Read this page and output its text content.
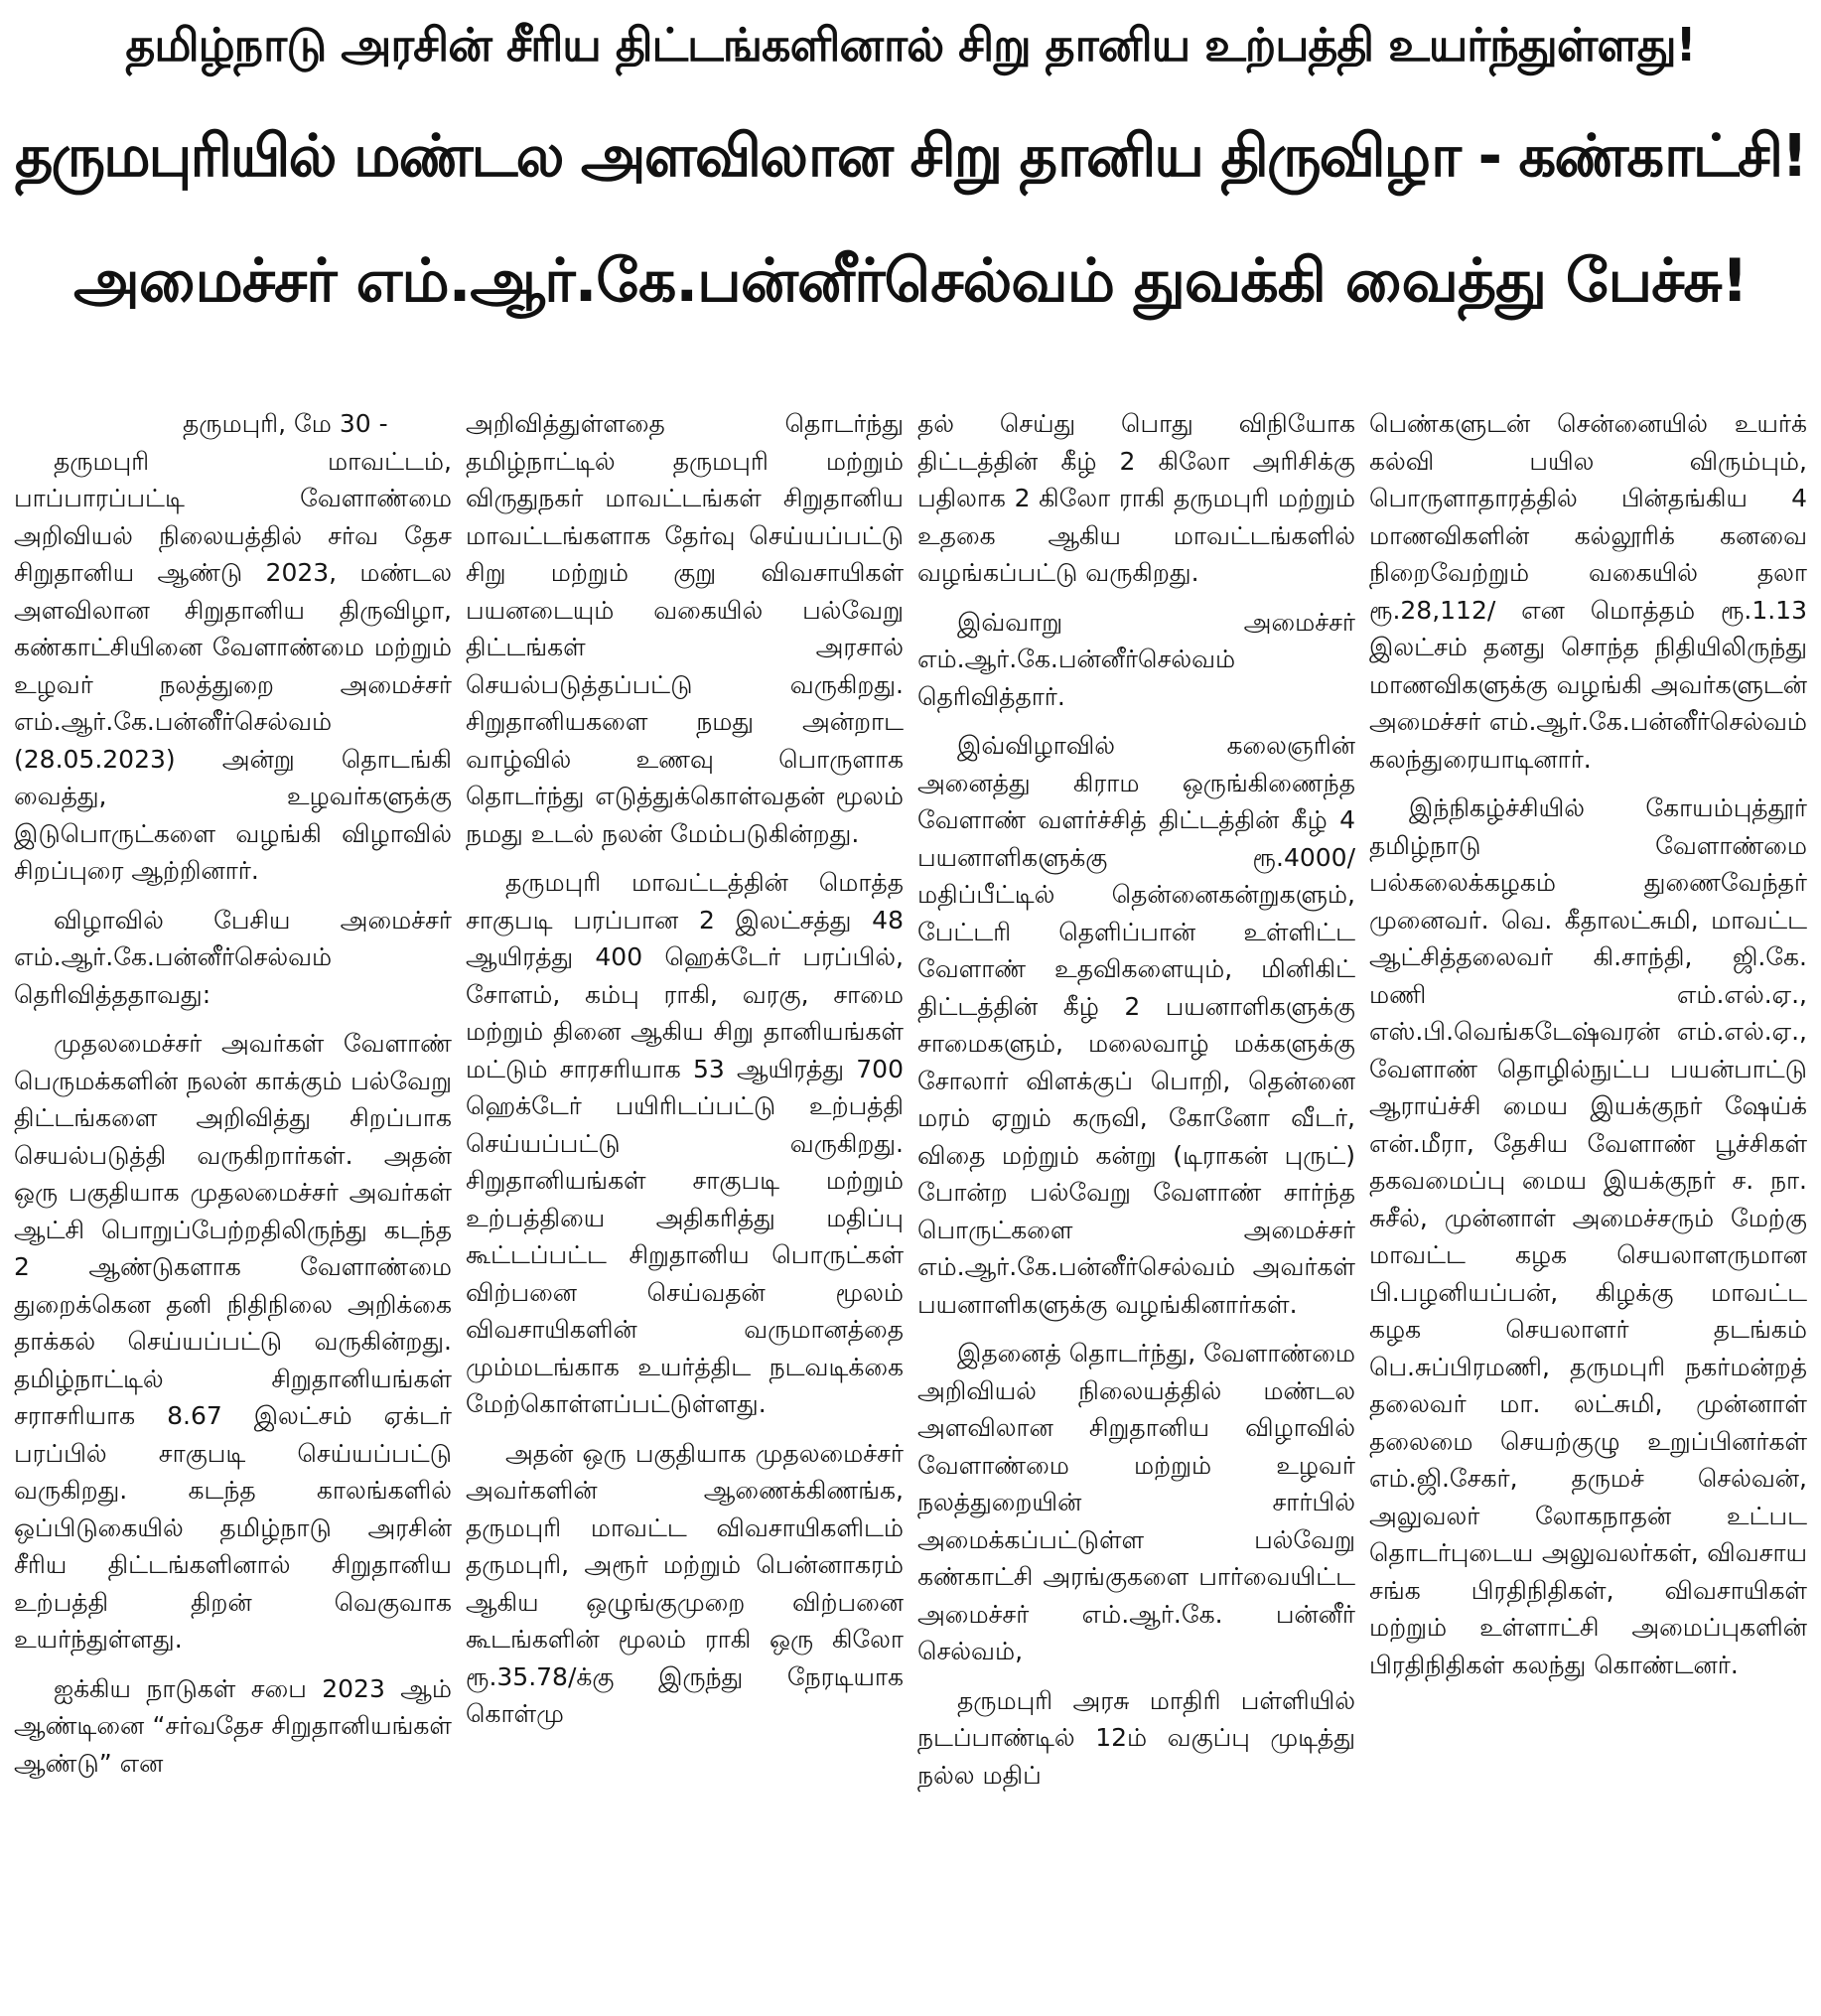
தமிழ்நாடு அரசின் சீரிய திட்டங்களினால் சிறு தானிய உற்பத்தி உயர்ந்துள்ளது!
தருமபுரியில் மண்டல அளவிலான சிறு தானிய திருவிழா - கண்காட்சி!
அமைச்சர் எம்.ஆர்.கே.பன்னீர்செல்வம் துவக்கி வைத்து பேச்சு!

தருமபுரி, மே 30 -

தருமபுரி மாவட்டம், பாப்பாரப்பட்டி வேளாண்மை அறிவியல் நிலையத்தில் சர்வ தேச சிறுதானிய ஆண்டு 2023, மண்டல அளவிலான சிறுதானிய திருவிழா, கண்காட்சியினை வேளாண்மை மற்றும் உழவர் நலத்துறை அமைச்சர் எம்.ஆர்.கே.பன்னீர்செல்வம் (28.05.2023) அன்று தொடங்கி வைத்து, உழவர்களுக்கு இடுபொருட்களை வழங்கி விழாவில் சிறப்புரை ஆற்றினார்.

விழாவில் பேசிய அமைச்சர் எம்.ஆர்.கே.பன்னீர்செல்வம் தெரிவித்ததாவது:

முதலமைச்சர் அவர்கள் வேளாண் பெருமக்களின் நலன் காக்கும் பல்வேறு திட்டங்களை அறிவித்து சிறப்பாக செயல்படுத்தி வருகிறார்கள். அதன் ஒரு பகுதியாக முதலமைச்சர் அவர்கள் ஆட்சி பொறுப்பேற்றதிலிருந்து கடந்த 2 ஆண்டுகளாக வேளாண்மை துறைக்கென தனி நிதிநிலை அறிக்கை தாக்கல் செய்யப்பட்டு வருகின்றது. தமிழ்நாட்டில் சிறுதானியங்கள் சராசரியாக 8.67 இலட்சம் ஏக்டர் பரப்பில் சாகுபடி செய்யப்பட்டு வருகிறது. கடந்த காலங்களில் ஒப்பிடுகையில் தமிழ்நாடு அரசின் சீரிய திட்டங்களினால் சிறுதானிய உற்பத்தி திறன் வெகுவாக உயர்ந்துள்ளது.

ஐக்கிய நாடுகள் சபை 2023 ஆம் ஆண்டினை “சர்வதேச சிறுதானியங்கள் ஆண்டு” என

அறிவித்துள்ளதை தொடர்ந்து தமிழ்நாட்டில் தருமபுரி மற்றும் விருதுநகர் மாவட்டங்கள் சிறுதானிய மாவட்டங்களாக தேர்வு செய்யப்பட்டு சிறு மற்றும் குறு விவசாயிகள் பயனடையும் வகையில் பல்வேறு திட்டங்கள் அரசால் செயல்படுத்தப்பட்டு வருகிறது. சிறுதானியகளை நமது அன்றாட வாழ்வில் உணவு பொருளாக தொடர்ந்து எடுத்துக்கொள்வதன் மூலம் நமது உடல் நலன் மேம்படுகின்றது.

தருமபுரி மாவட்டத்தின் மொத்த சாகுபடி பரப்பான 2 இலட்சத்து 48 ஆயிரத்து 400 ஹெக்டேர் பரப்பில், சோளம், கம்பு ராகி, வரகு, சாமை மற்றும் தினை ஆகிய சிறு தானியங்கள் மட்டும் சாரசரியாக 53 ஆயிரத்து 700 ஹெக்டேர் பயிரிடப்பட்டு உற்பத்தி செய்யப்பட்டு வருகிறது. சிறுதானியங்கள் சாகுபடி மற்றும் உற்பத்தியை அதிகரித்து மதிப்பு கூட்டப்பட்ட சிறுதானிய பொருட்கள் விற்பனை செய்வதன் மூலம் விவசாயிகளின் வருமானத்தை மும்மடங்காக உயர்த்திட நடவடிக்கை மேற்கொள்ளப்பட்டுள்ளது.

அதன் ஒரு பகுதியாக முதலமைச்சர் அவர்களின் ஆணைக்கிணங்க, தருமபுரி மாவட்ட விவசாயிகளிடம் தருமபுரி, அரூர் மற்றும் பென்னாகரம் ஆகிய ஒழுங்குமுறை விற்பனை கூடங்களின் மூலம் ராகி ஒரு கிலோ ரூ.35.78/க்கு இருந்து நேரடியாக கொள்மு

தல் செய்து பொது விநியோக திட்டத்தின் கீழ் 2 கிலோ அரிசிக்கு பதிலாக 2 கிலோ ராகி தருமபுரி மற்றும் உதகை ஆகிய மாவட்டங்களில் வழங்கப்பட்டு வருகிறது.

இவ்வாறு அமைச்சர் எம்.ஆர்.கே.பன்னீர்செல்வம் தெரிவித்தார்.

இவ்விழாவில் கலைஞரின் அனைத்து கிராம ஒருங்கிணைந்த வேளாண் வளர்ச்சித் திட்டத்தின் கீழ் 4 பயனாளிகளுக்கு ரூ.4000/ மதிப்பீட்டில் தென்னைகன்றுகளும், பேட்டரி தெளிப்பான் உள்ளிட்ட வேளாண் உதவிகளையும், மினிகிட் திட்டத்தின் கீழ் 2 பயனாளிகளுக்கு சாமைகளும், மலைவாழ் மக்களுக்கு சோலார் விளக்குப் பொறி, தென்னை மரம் ஏறும் கருவி, கோனோ வீடர், விதை மற்றும் கன்று (டிராகன் புருட்) போன்ற பல்வேறு வேளாண் சார்ந்த பொருட்களை அமைச்சர் எம்.ஆர்.கே.பன்னீர்செல்வம் அவர்கள் பயனாளிகளுக்கு வழங்கினார்கள்.

இதனைத் தொடர்ந்து, வேளாண்மை அறிவியல் நிலையத்தில் மண்டல அளவிலான சிறுதானிய விழாவில் வேளாண்மை மற்றும் உழவர் நலத்துறையின் சார்பில் அமைக்கப்பட்டுள்ள பல்வேறு கண்காட்சி அரங்குகளை பார்வையிட்ட அமைச்சர் எம்.ஆர்.கே. பன்னீர் செல்வம்,

தருமபுரி அரசு மாதிரி பள்ளியில் நடப்பாண்டில் 12ம் வகுப்பு முடித்து நல்ல மதிப்

பெண்களுடன் சென்னையில் உயர்க் கல்வி பயில விரும்பும், பொருளாதாரத்தில் பின்தங்கிய 4 மாணவிகளின் கல்லூரிக் கனவை நிறைவேற்றும் வகையில் தலா ரூ.28,112/ என மொத்தம் ரூ.1.13 இலட்சம் தனது சொந்த நிதியிலிருந்து மாணவிகளுக்கு வழங்கி அவர்களுடன் அமைச்சர் எம்.ஆர்.கே.பன்னீர்செல்வம் கலந்துரையாடினார்.

இந்நிகழ்ச்சியில் கோயம்புத்தூர் தமிழ்நாடு வேளாண்மை பல்கலைக்கழகம் துணைவேந்தர் முனைவர். வெ. கீதாலட்சுமி, மாவட்ட ஆட்சித்தலைவர் கி.சாந்தி, ஜி.கே. மணி எம்.எல்.ஏ., எஸ்.பி.வெங்கடேஷ்வரன் எம்.எல்.ஏ., வேளாண் தொழில்நுட்ப பயன்பாட்டு ஆராய்ச்சி மைய இயக்குநர் ஷேய்க் என்.மீரா, தேசிய வேளாண் பூச்சிகள் தகவமைப்பு மைய இயக்குநர் ச. நா. சுசீல், முன்னாள் அமைச்சரும் மேற்கு மாவட்ட கழக செயலாளருமான பி.பழனியப்பன், கிழக்கு மாவட்ட கழக செயலாளர் தடங்கம் பெ.சுப்பிரமணி, தருமபுரி நகர்மன்றத் தலைவர் மா. லட்சுமி, முன்னாள் தலைமை செயற்குழு உறுப்பினர்கள் எம்.ஜி.சேகர், தருமச் செல்வன், அலுவலர் லோகநாதன் உட்பட தொடர்புடைய அலுவலர்கள், விவசாய சங்க பிரதிநிதிகள், விவசாயிகள் மற்றும் உள்ளாட்சி அமைப்புகளின் பிரதிநிதிகள் கலந்து கொண்டனர்.
